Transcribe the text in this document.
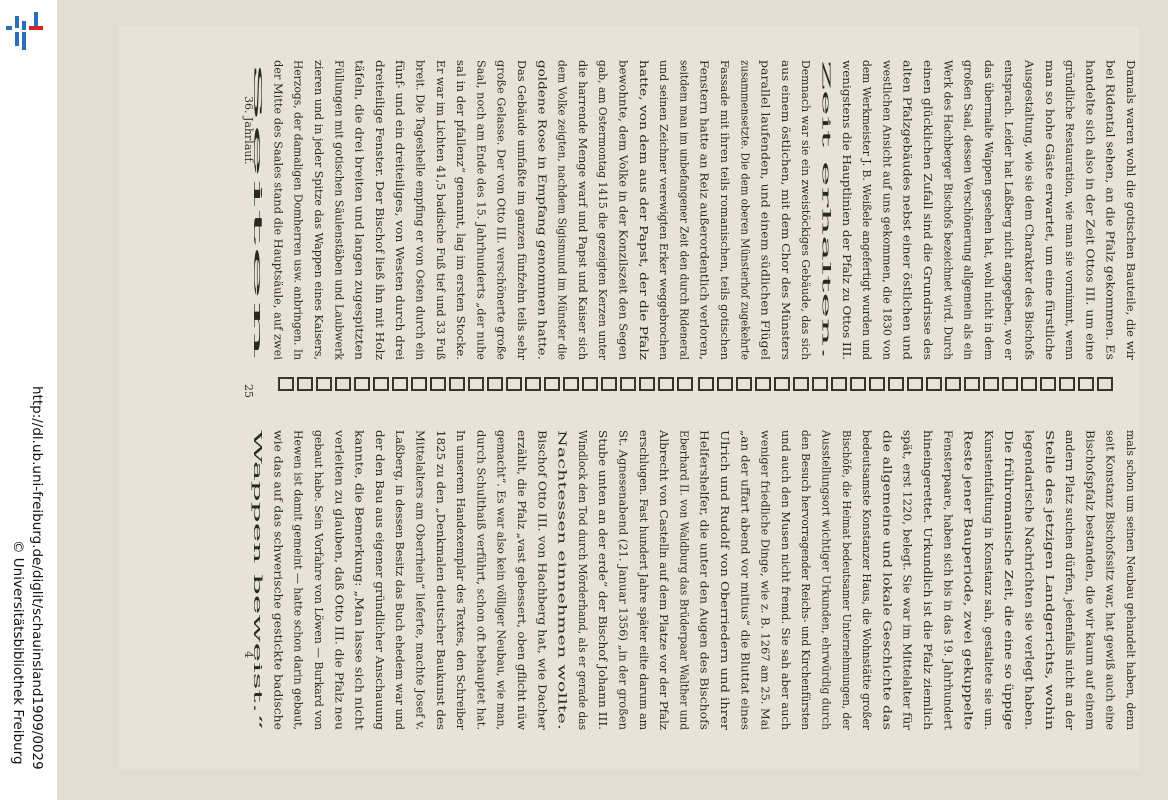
http://dl.ub.uni-freiburg.de/diglit/schauinsland1909/0029
© Universitätsbibliothek Freiburg
36. Jahrlauf.
25
4
Damals waren wohl die gotischen Bauteile, die wir
bei Ridental sehen, an die Pfalz gekommen. Es
handelte sich also in der Zeit Ottos III. um eine
gründliche Restauration, wie man sie vornimmt, wenn
man so hohe Gäste erwartet, um eine fürstliche
Ausgestaltung, wie sie dem Charakter des Bischofs
entsprach. Leider hat Laßberg nicht angegeben, wo er
das übermalte Wappen gesehen hat, wohl nicht in dem
großen Saal, dessen Verschönerung allgemein als ein
Werk des Hachberger Bischofs bezeichnet wird. Durch
einen glücklichen Zufall sind die Grundrisse des
alten Pfalzgebäudes nebst einer östlichen und
westlichen Ansicht auf uns gekommen, die 1830 von
dem Werkmeister J. B. Weißele angefertigt wurden und
wenigstens die Hauptlinien der Pfalz zu Ottos III.
Zeit erhalten.
Demnach war sie ein zweistöckiges Gebäude, das sich
aus einem östlichen, mit dem Chor des Münsters
parallel laufenden, und einem südlichen Flügel
zusammensetzte. Die dem oberen Münsterhof zugekehrte
Fassade mit ihren teils romanischen, teils gotischen
Fenstern hatte an Reiz außerordentlich verloren,
seitdem man im unbefangener Zeit den durch Rideneral
und seinen Zeichner verewigten Erker weggebrochen
hatte, von dem aus der Papst, der die Pfalz
bewohnte, dem Volke in der Konzilszeit den Segen
gab, am Ostermontag 1415 die gezeigten Kerzen unter
die harrende Menge warf und Papst und Kaiser sich
dem Volke zeigten, nachdem Sigismund im Münster die
goldene Rose in Empfang genommen hatte.
Das Gebäude umfaßte im ganzen fünfzehn teils sehr
große Gelasse. Der von Otto III. verschönerte große
Saal, noch am Ende des 15. Jahrhunderts „der nuhe
sal in der pfallenz“ genannt, lag im ersten Stocke.
Er war im Lichten 41,5 badische Fuß tief und 33 Fuß
breit. Die Tageshelle empfing er von Osten durch ein
fünf- und ein dreiteiliges, von Westen durch drei
dreiteilige Fenster. Der Bischof ließ ihn mit Holz
täfeln, die drei breiten und langen zugespitzten
Füllungen mit gotischen Säulenstäben und Laubwerk
zieren und in jeder Spitze das Wappen eines Kaisers,
Herzogs, der damaligen Domherren usw. anbringen. In
der Mitte des Saales stand die Hauptsäule, auf zwei
Seiten
mals schon um seinen Neubau gehandelt haben, denn
seit Konstanz Bischofssitz war, hat gewiß auch eine
Bischofspfalz bestanden, die wir kaum auf einem
andern Platz suchen dürfen, jedenfalls nicht an der
Stelle des jetzigen Landgerichts, wohin
legendarische Nachrichten sie verlegt haben.
Die frühromanische Zeit, die eine so üppige
Kunstentfaltung in Konstanz sah, gestaltete sie um.
Reste jener Bauperiode, zwei gekuppelte
Fensterpaare, haben sich bis in das 19. Jahrhundert
hineingerettet. Urkundlich ist die Pfalz ziemlich
spät, erst 1220, belegt. Sie war im Mittelalter für
die allgemeine und lokale Geschichte das
bedeutsamste Konstanzer Haus, die Wohnstätte großer
Bischöfe, die Heimat bedeutsamer Unternehmungen, der
Ausstellungsort wichtiger Urkunden, ehrwürdig durch
den Besuch hervorragender Reichs- und Kirchenfürsten
und auch den Musen nicht fremd. Sie sah aber auch
weniger friedliche Dinge, wie z. B. 1267 am 25. Mai
„an der uffart abend vor mitius“ die Bluttat eines
Ulrich und Rudolf von Oberriedern und ihrer
Helfershelfer, die unter den Augen des Bischofs
Eberhard II. von Waldburg das Brüderpaar Walther und
Albrecht von Castelln auf dem Platze vor der Pfalz
erschlugen. Fast hundert Jahre später eilte darum am
St. Agnesenabend (21. Januar 1356) „in der großen
Stube unten an der erde“ der Bischof Johann III.
Windlock den Tod durch Mörderhand, als er gerade das
Nachtessen einnehmen wollte.
Bischof Otto III. von Hachberg hat, wie Dacher
erzählt, die Pfalz „vast gebessert, oben gflicht nüw
gemacht“. Es war also kein völliger Neubau, wie man,
durch Schulthaiß verführt, schon oft behauptet hat.
In unserem Handexemplar des Textes, den Schreiber
1825 zu den „Denkmalen deutscher Baukunst des
Mittelalters am Oberrhein“ lieferte, machte Josef v.
Laßberg, in dessen Besitz das Buch ehedem war und
der den Bau aus eigener gründlicher Anschauung
kannte, die Bemerkung: „Man lasse sich nicht
verleiten zu glauben, daß Otto III. die Pfalz neu
gebaut habe. Sein Vorfahre von Löwen — Burkard von
Hewen ist damit gemeint — hatte schon darin gebaut,
wie das auf das schwerische gestickte badische
Wappen beweist.“
